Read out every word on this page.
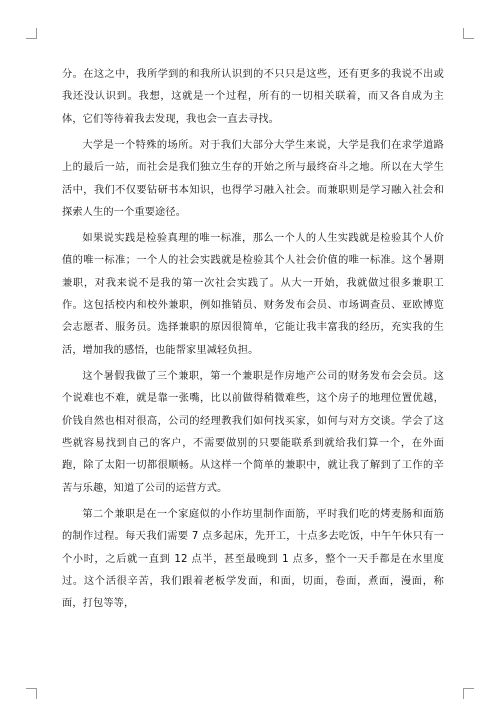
分。在这之中，我所学到的和我所认识到的不只只是这些，还有更多的我说不出或我还没认识到。我想，这就是一个过程，所有的一切相关联着，而又各自成为主体，它们等待着我去发现，我也会一直去寻找。

大学是一个特殊的场所。对于我们大部分大学生来说，大学是我们在求学道路上的最后一站，而社会是我们独立生存的开始之所与最终奋斗之地。所以在大学生活中，我们不仅要钻研书本知识，也得学习融入社会。而兼职则是学习融入社会和探索人生的一个重要途径。

如果说实践是检验真理的唯一标准，那么一个人的人生实践就是检验其个人价值的唯一标准；一个人的社会实践就是检验其个人社会价值的唯一标准。这个暑期兼职，对我来说不是我的第一次社会实践了。从大一开始，我就做过很多兼职工作。这包括校内和校外兼职，例如推销员、财务发布会员、市场调查员、亚欧博览会志愿者、服务员。选择兼职的原因很简单，它能让我丰富我的经历，充实我的生活，增加我的感悟，也能帮家里减轻负担。

这个暑假我做了三个兼职，第一个兼职是作房地产公司的财务发布会会员。这个说难也不难，就是靠一张嘴，比以前做得稍微难些，这个房子的地理位置优越，价钱自然也相对很高，公司的经理教我们如何找买家，如何与对方交谈。学会了这些就容易找到自己的客户，不需要做别的只要能联系到就给我们算一个，在外面跑，除了太阳一切都很顺畅。从这样一个简单的兼职中，就让我了解到了工作的辛苦与乐趣，知道了公司的运营方式。

第二个兼职是在一个家庭似的小作坊里制作面筋，平时我们吃的烤麦肠和面筋的制作过程。每天我们需要 7 点多起床，先开工，十点多去吃饭，中午午休只有一个小时，之后就一直到 12 点半，甚至最晚到 1 点多，整个一天手都是在水里度过。这个活很辛苦，我们跟着老板学发面，和面，切面，卷面，煮面，漫面，称面，打包等等，
